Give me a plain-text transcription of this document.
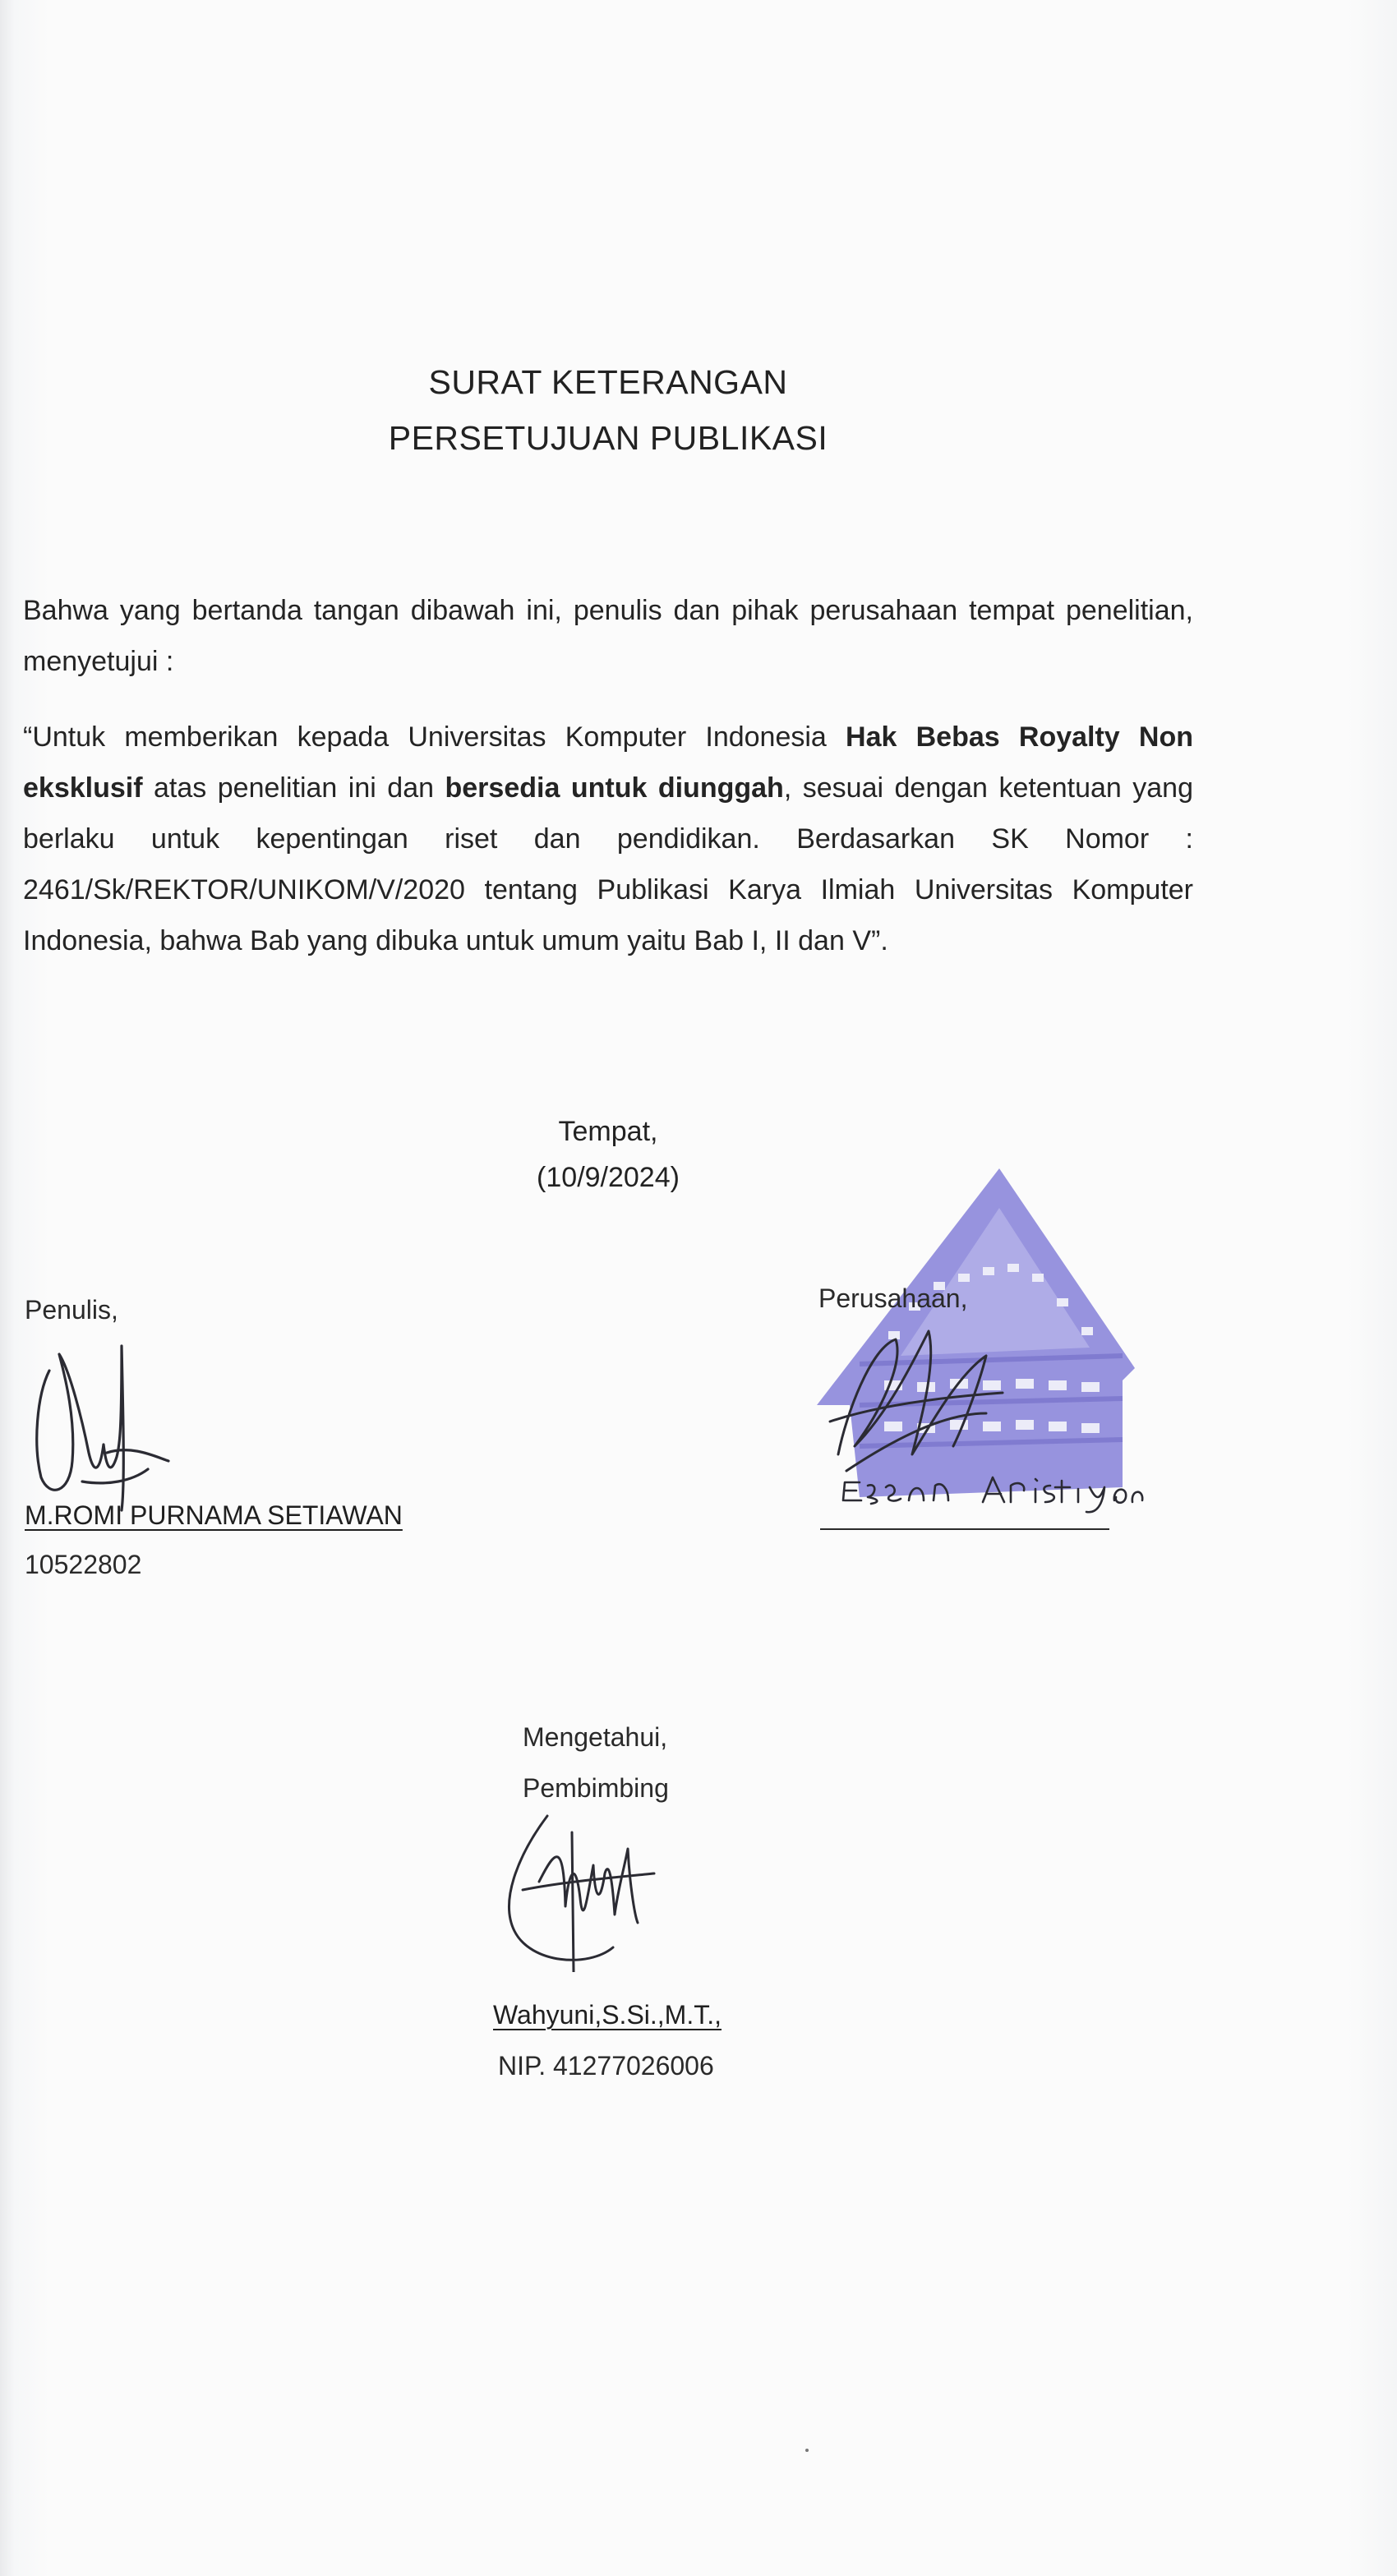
SURAT KETERANGAN
PERSETUJUAN PUBLIKASI
Bahwa yang bertanda tangan dibawah ini, penulis dan pihak perusahaan tempat penelitian, menyetujui :
“Untuk memberikan kepada Universitas Komputer Indonesia Hak Bebas Royalty Non eksklusif atas penelitian ini dan bersedia untuk diunggah, sesuai dengan ketentuan yang berlaku untuk kepentingan riset dan pendidikan. Berdasarkan SK Nomor : 2461/Sk/REKTOR/UNIKOM/V/2020 tentang Publikasi Karya Ilmiah Universitas Komputer Indonesia, bahwa Bab yang dibuka untuk umum yaitu Bab I, II dan V”.
Tempat,
(10/9/2024)
Penulis,
M.ROMI PURNAMA SETIAWAN
10522802
Perusahaan,
Mengetahui,
Pembimbing
Wahyuni,S.Si.,M.T.,
NIP. 41277026006
